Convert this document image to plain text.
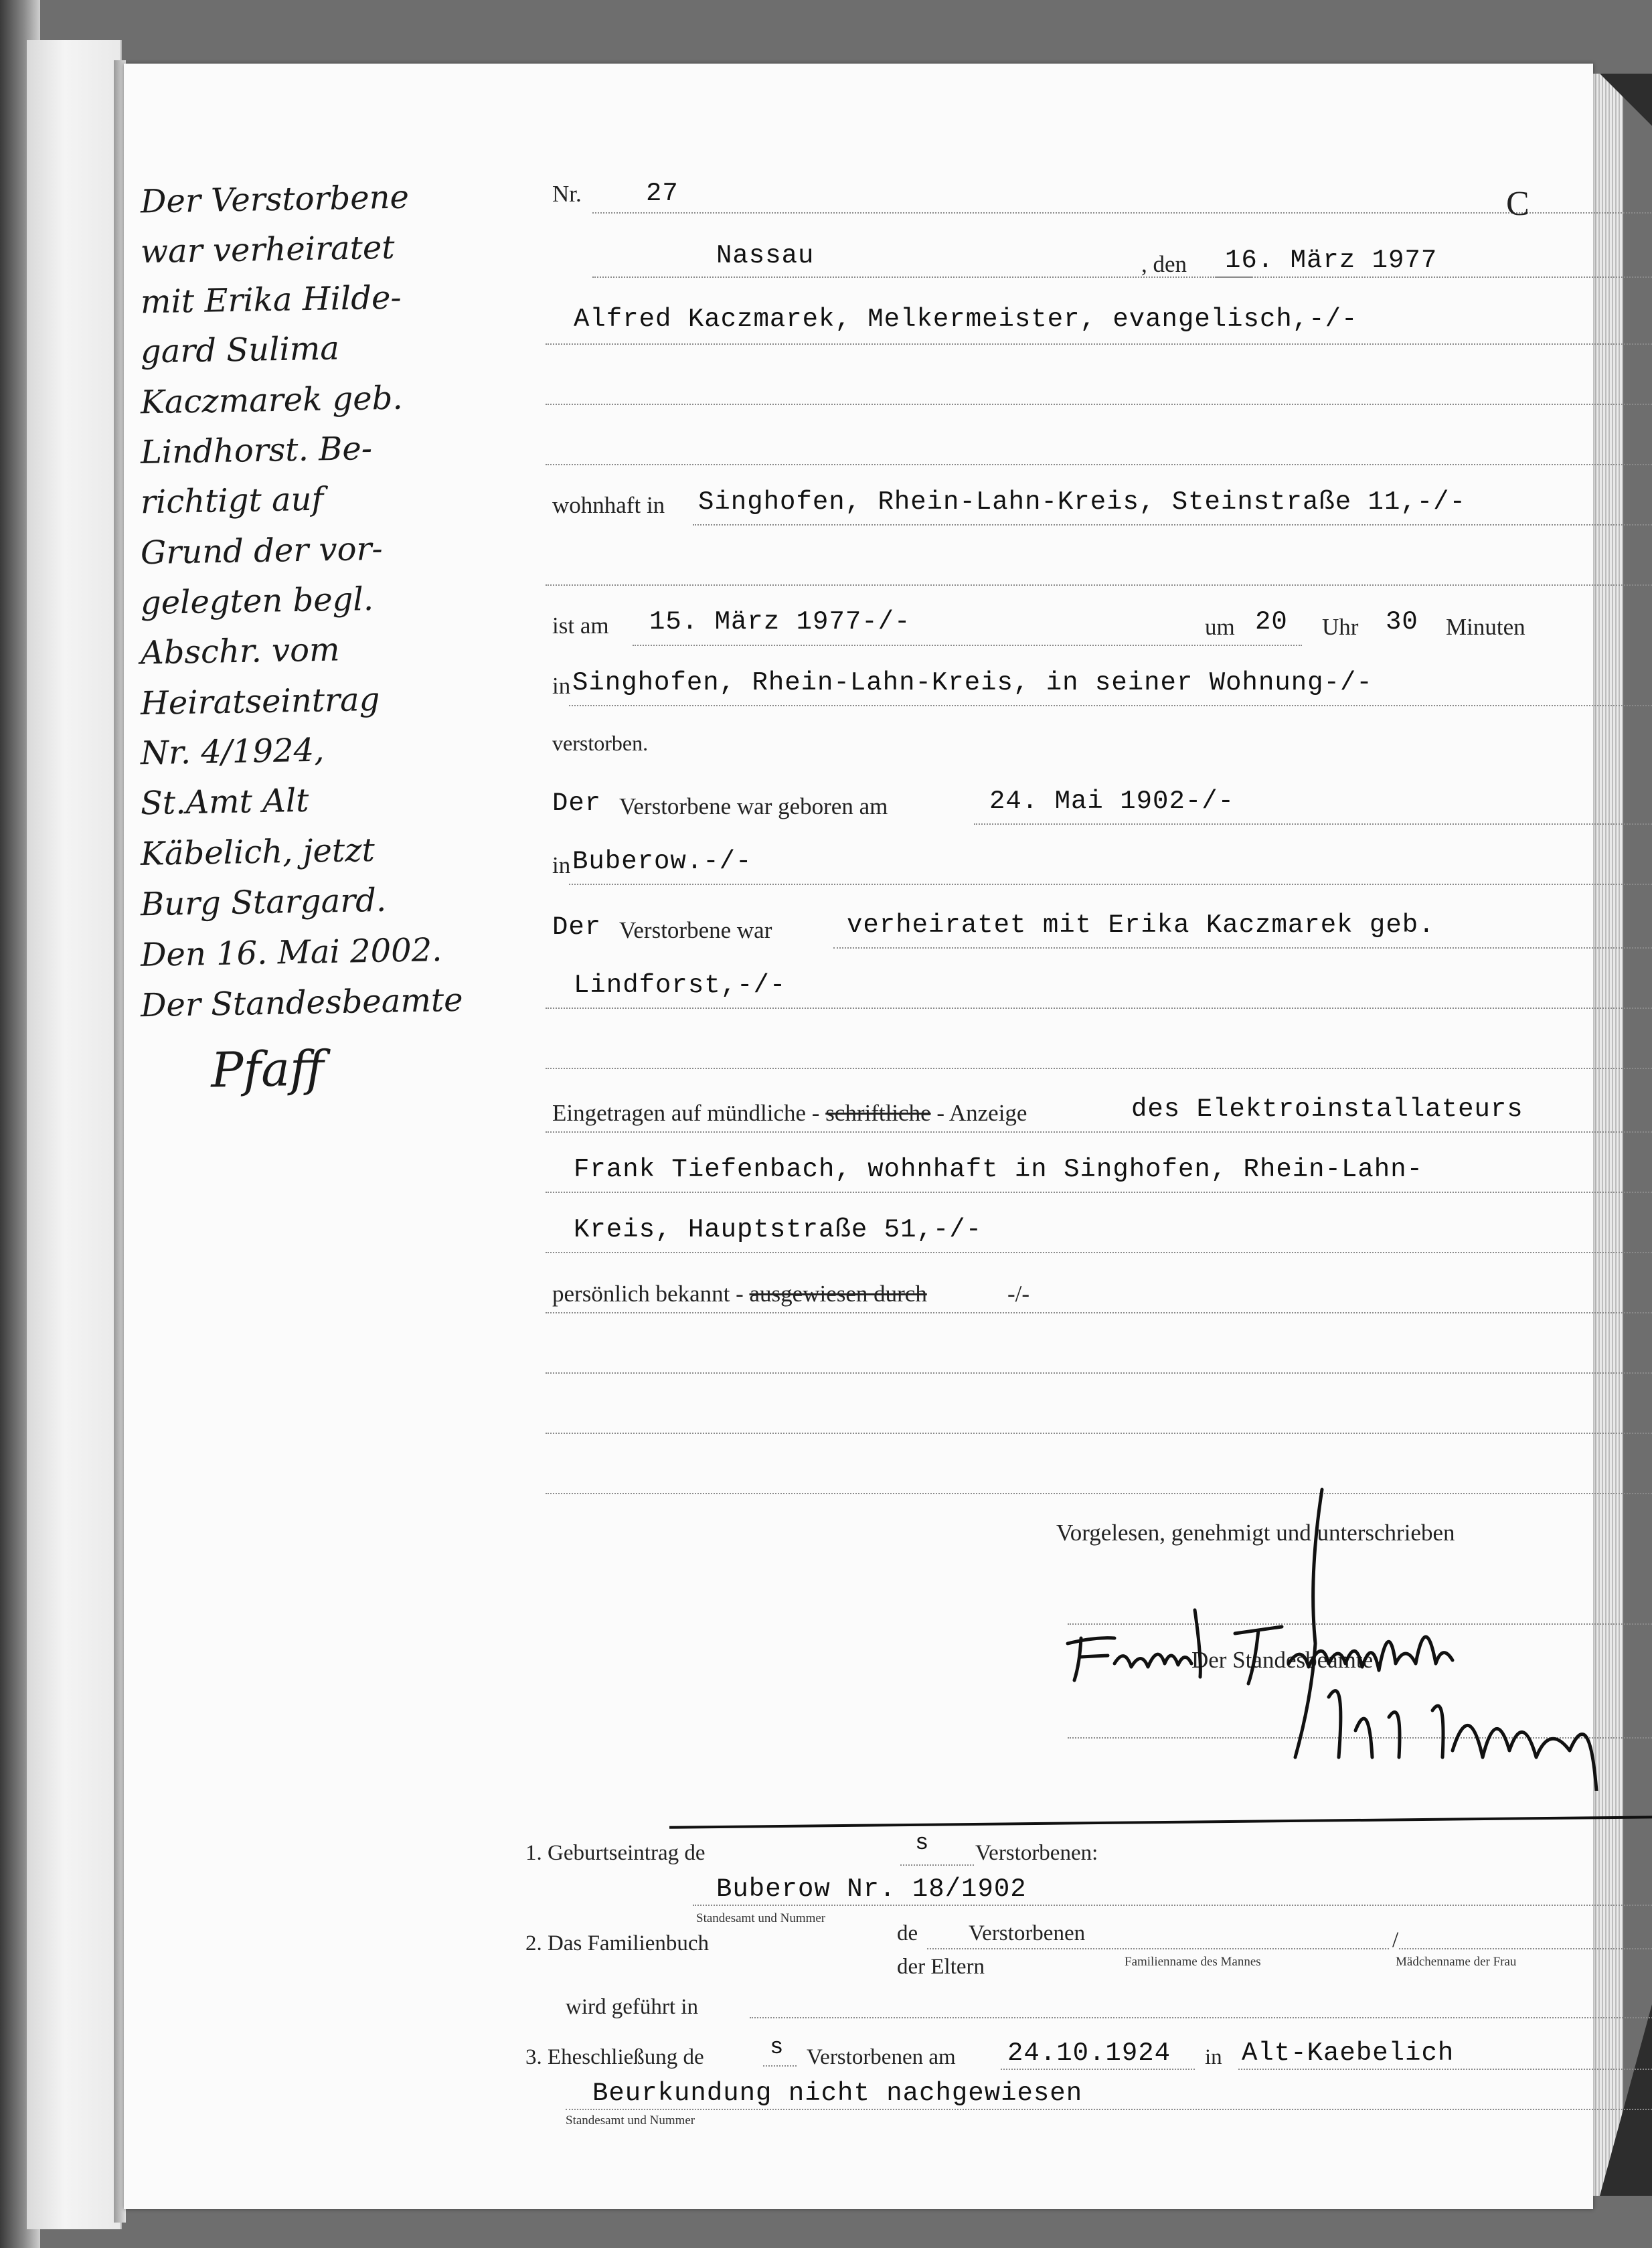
Der Verstorbene
war verheiratet
mit Erika Hilde-
gard Sulima
Kaczmarek geb.
Lindhorst. Be-
richtigt auf
Grund der vor-
gelegten begl.
Abschr. vom
Heiratseintrag
Nr. 4/1924,
St.Amt Alt
Käbelich, jetzt
Burg Stargard.
Den 16. Mai 2002.
Der Standesbeamte
Pfaff
Nr. 27	C
Nassau	, den 16. März 1977
Alfred Kaczmarek, Melkermeister, evangelisch,-/-
wohnhaft in Singhofen, Rhein-Lahn-Kreis, Steinstraße 11,-/-
ist am 15. März 1977-/-	um 20 Uhr 30 Minuten
in Singhofen, Rhein-Lahn-Kreis, in seiner Wohnung-/-
verstorben.
Der Verstorbene war geboren am	24. Mai 1902-/-
in Buberow.-/-
Der Verstorbene war	verheiratet mit Erika Kaczmarek geb.
Lindforst,-/-
Eingetragen auf mündliche - schriftliche - Anzeige	des Elektroinstallateurs
Frank Tiefenbach, wohnhaft in Singhofen, Rhein-Lahn-
Kreis, Hauptstraße 51,-/-
persönlich bekannt - ausgewiesen durch	-/-
Vorgelesen, genehmigt und unterschrieben
Der Standesbeamte
1. Geburtseintrag de	s Verstorbenen:
Buberow Nr. 18/1902
Standesamt und Nummer
2. Das Familienbuch	de Verstorbenen	/
der Eltern	Familienname des Mannes	Mädchenname der Frau
wird geführt in
3. Eheschließung de	s Verstorbenen am 24.10.1924 in Alt-Kaebelich
Beurkundung nicht nachgewiesen
Standesamt und Nummer
